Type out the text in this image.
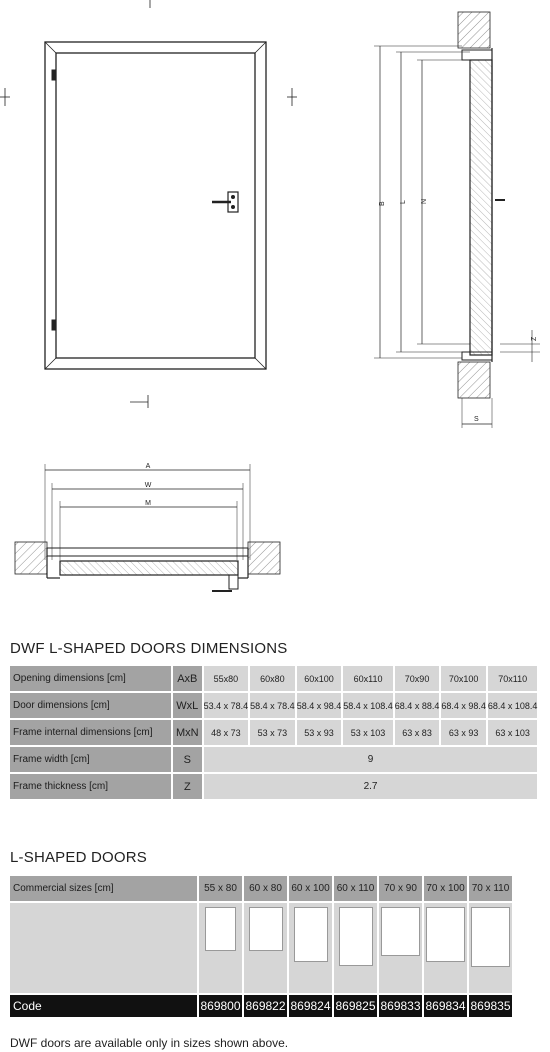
B L N
Z
S
A
W
M
DWF L-SHAPED DOORS DIMENSIONS
Opening dimensions [cm]	AxB	55x80	60x80	60x100	60x110	70x90	70x100	70x110
Door dimensions [cm]	WxL	53.4 x 78.4	58.4 x 78.4	58.4 x 98.4	58.4 x 108.4	68.4 x 88.4	68.4 x 98.4	68.4 x 108.4
Frame internal dimensions [cm]	MxN	48 x 73	53 x 73	53 x 93	53 x 103	63 x 83	63 x 93	63 x 103
Frame width [cm]	S	9						
Frame thickness [cm]	Z	2.7						
L-SHAPED DOORS
Commercial sizes [cm]	55 x 80	60 x 80	60 x 100	60 x 110	70 x 90	70 x 100	70 x 110

Code	869800	869822	869824	869825	869833	869834	869835
DWF doors are available only in sizes shown above.
